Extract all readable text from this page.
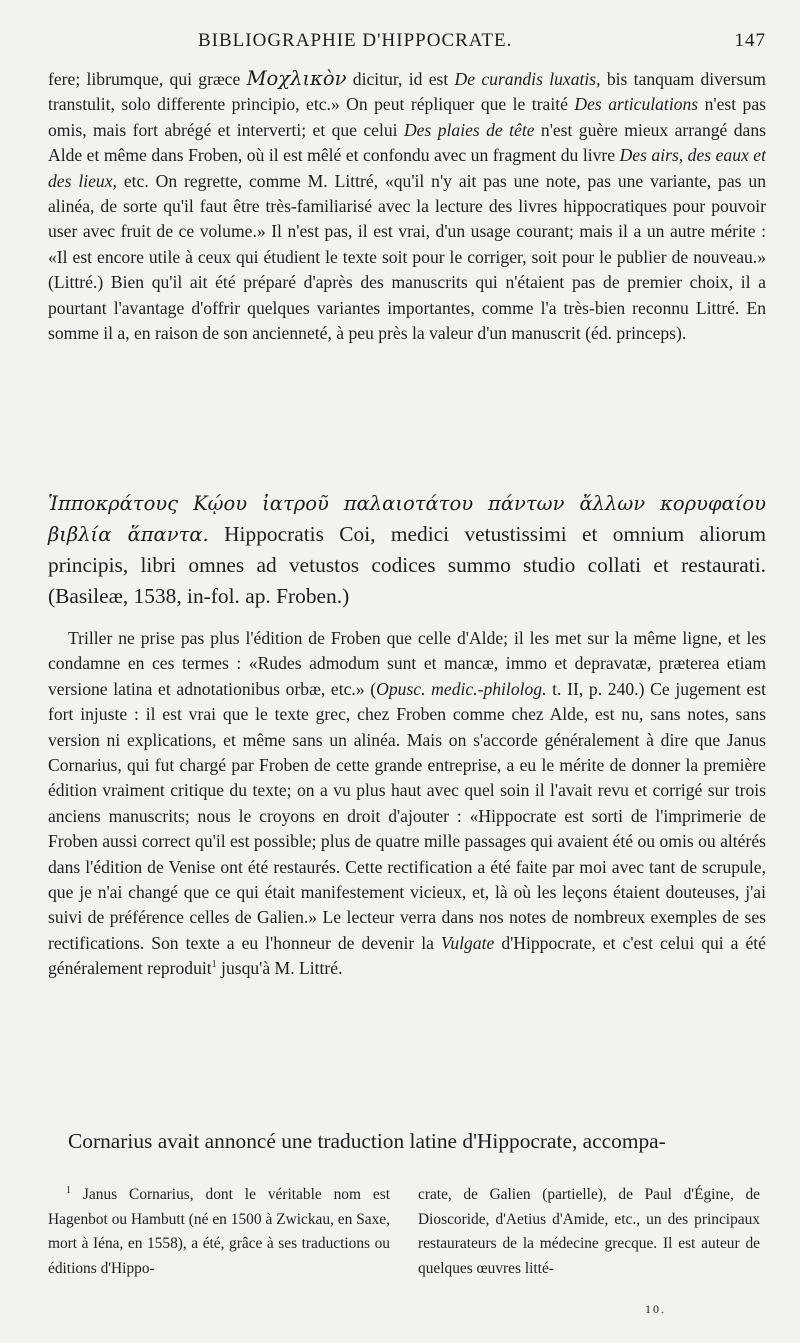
BIBLIOGRAPHIE D'HIPPOCRATE.	147

fere; librumque, qui græce Μοχλικὸν dicitur, id est De curandis luxatis, bis tanquam diversum transtulit, solo differente principio, etc.» On peut répliquer que le traité Des articulations n'est pas omis, mais fort abrégé et interverti; et que celui Des plaies de tête n'est guère mieux arrangé dans Alde et même dans Froben, où il est mêlé et confondu avec un fragment du livre Des airs, des eaux et des lieux, etc. On regrette, comme M. Littré, «qu'il n'y ait pas une note, pas une variante, pas un alinéa, de sorte qu'il faut être très-familiarisé avec la lecture des livres hippocratiques pour pouvoir user avec fruit de ce volume.» Il n'est pas, il est vrai, d'un usage courant; mais il a un autre mérite : «Il est encore utile à ceux qui étudient le texte soit pour le corriger, soit pour le publier de nouveau.» (Littré.) Bien qu'il ait été préparé d'après des manuscrits qui n'étaient pas de premier choix, il a pourtant l'avantage d'offrir quelques variantes importantes, comme l'a très-bien reconnu Littré. En somme il a, en raison de son ancienneté, à peu près la valeur d'un manuscrit (éd. princeps).

Ἱπποκράτους Κῴου ἰατροῦ παλαιοτάτου πάντων ἄλλων κορυφαίου βιβλία ἅπαντα. Hippocratis Coi, medici vetustissimi et omnium aliorum principis, libri omnes ad vetustos codices summo studio collati et restaurati. (Basileæ, 1538, in-fol. ap. Froben.)

Triller ne prise pas plus l'édition de Froben que celle d'Alde; il les met sur la même ligne, et les condamne en ces termes : «Rudes admodum sunt et mancæ, immo et depravatæ, præterea etiam versione latina et adnotationibus orbæ, etc.» (Opusc. medic.-philolog. t. II, p. 240.) Ce jugement est fort injuste : il est vrai que le texte grec, chez Froben comme chez Alde, est nu, sans notes, sans version ni explications, et même sans un alinéa. Mais on s'accorde généralement à dire que Janus Cornarius, qui fut chargé par Froben de cette grande entreprise, a eu le mérite de donner la première édition vraiment critique du texte; on a vu plus haut avec quel soin il l'avait revu et corrigé sur trois anciens manuscrits; nous le croyons en droit d'ajouter : «Hippocrate est sorti de l'imprimerie de Froben aussi correct qu'il est possible; plus de quatre mille passages qui avaient été ou omis ou altérés dans l'édition de Venise ont été restaurés. Cette rectification a été faite par moi avec tant de scrupule, que je n'ai changé que ce qui était manifestement vicieux, et, là où les leçons étaient douteuses, j'ai suivi de préférence celles de Galien.» Le lecteur verra dans nos notes de nombreux exemples de ses rectifications. Son texte a eu l'honneur de devenir la Vulgate d'Hippocrate, et c'est celui qui a été généralement reproduit$^1$ jusqu'à M. Littré.

Cornarius avait annoncé une traduction latine d'Hippocrate, accompa-

$^1$ Janus Cornarius, dont le véritable nom est Hagenbot ou Hambutt (né en 1500 à Zwickau, en Saxe, mort à Iéna, en 1558), a été, grâce à ses traductions ou éditions d'Hippo-
crate, de Galien (partielle), de Paul d'Égine, de Dioscoride, d'Aetius d'Amide, etc., un des principaux restaurateurs de la médecine grecque. Il est auteur de quelques œuvres litté-
10.
